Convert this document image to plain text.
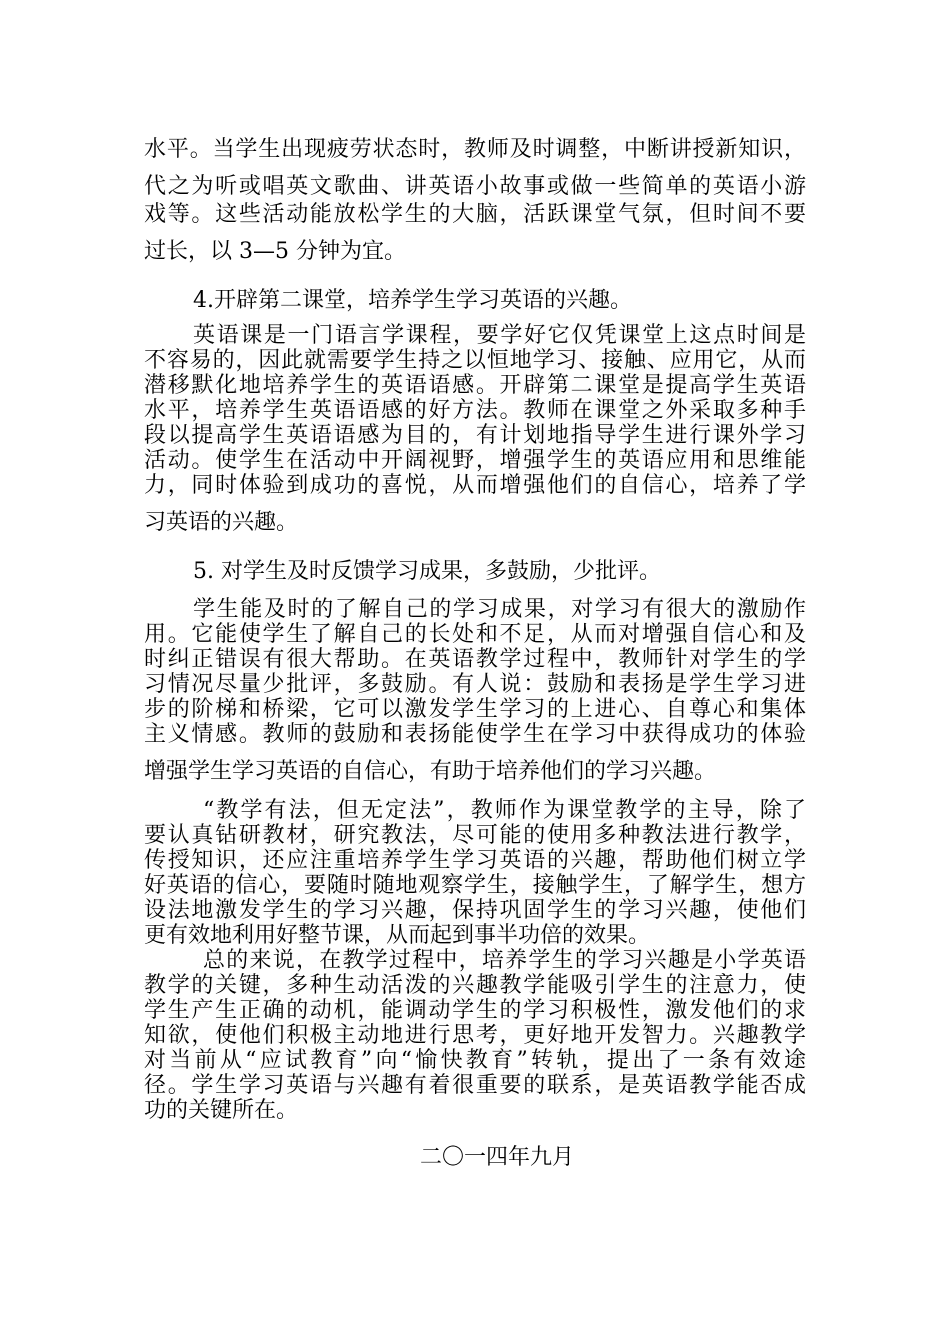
水平。当学生出现疲劳状态时，教师及时调整，中断讲授新知识，
代之为听或唱英文歌曲、讲英语小故事或做一些简单的英语小游
戏等。这些活动能放松学生的大脑，活跃课堂气氛，但时间不要
过长，以 3—5 分钟为宜。
4.开辟第二课堂，培养学生学习英语的兴趣。
英语课是一门语言学课程，要学好它仅凭课堂上这点时间是
不容易的，因此就需要学生持之以恒地学习、接触、应用它，从而
潜移默化地培养学生的英语语感。开辟第二课堂是提高学生英语
水平，培养学生英语语感的好方法。教师在课堂之外采取多种手
段以提高学生英语语感为目的，有计划地指导学生进行课外学习
活动。使学生在活动中开阔视野，增强学生的英语应用和思维能
力，同时体验到成功的喜悦，从而增强他们的自信心，培养了学
习英语的兴趣。
5. 对学生及时反馈学习成果，多鼓励，少批评。
学生能及时的了解自己的学习成果，对学习有很大的激励作
用。它能使学生了解自己的长处和不足，从而对增强自信心和及
时纠正错误有很大帮助。在英语教学过程中，教师针对学生的学
习情况尽量少批评，多鼓励。有人说：鼓励和表扬是学生学习进
步的阶梯和桥梁，它可以激发学生学习的上进心、自尊心和集体
主义情感。教师的鼓励和表扬能使学生在学习中获得成功的体验
增强学生学习英语的自信心，有助于培养他们的学习兴趣。
“教学有法，但无定法”，教师作为课堂教学的主导，除了
要认真钻研教材，研究教法，尽可能的使用多种教法进行教学，
传授知识，还应注重培养学生学习英语的兴趣，帮助他们树立学
好英语的信心，要随时随地观察学生，接触学生，了解学生，想方
设法地激发学生的学习兴趣，保持巩固学生的学习兴趣，使他们
更有效地利用好整节课，从而起到事半功倍的效果。
总的来说，在教学过程中，培养学生的学习兴趣是小学英语
教学的关键，多种生动活泼的兴趣教学能吸引学生的注意力，使
学生产生正确的动机，能调动学生的学习积极性，激发他们的求
知欲，使他们积极主动地进行思考，更好地开发智力。兴趣教学
对当前从“应试教育”向“愉快教育”转轨，提出了一条有效途
径。学生学习英语与兴趣有着很重要的联系，是英语教学能否成
功的关键所在。
二〇一四年九月
